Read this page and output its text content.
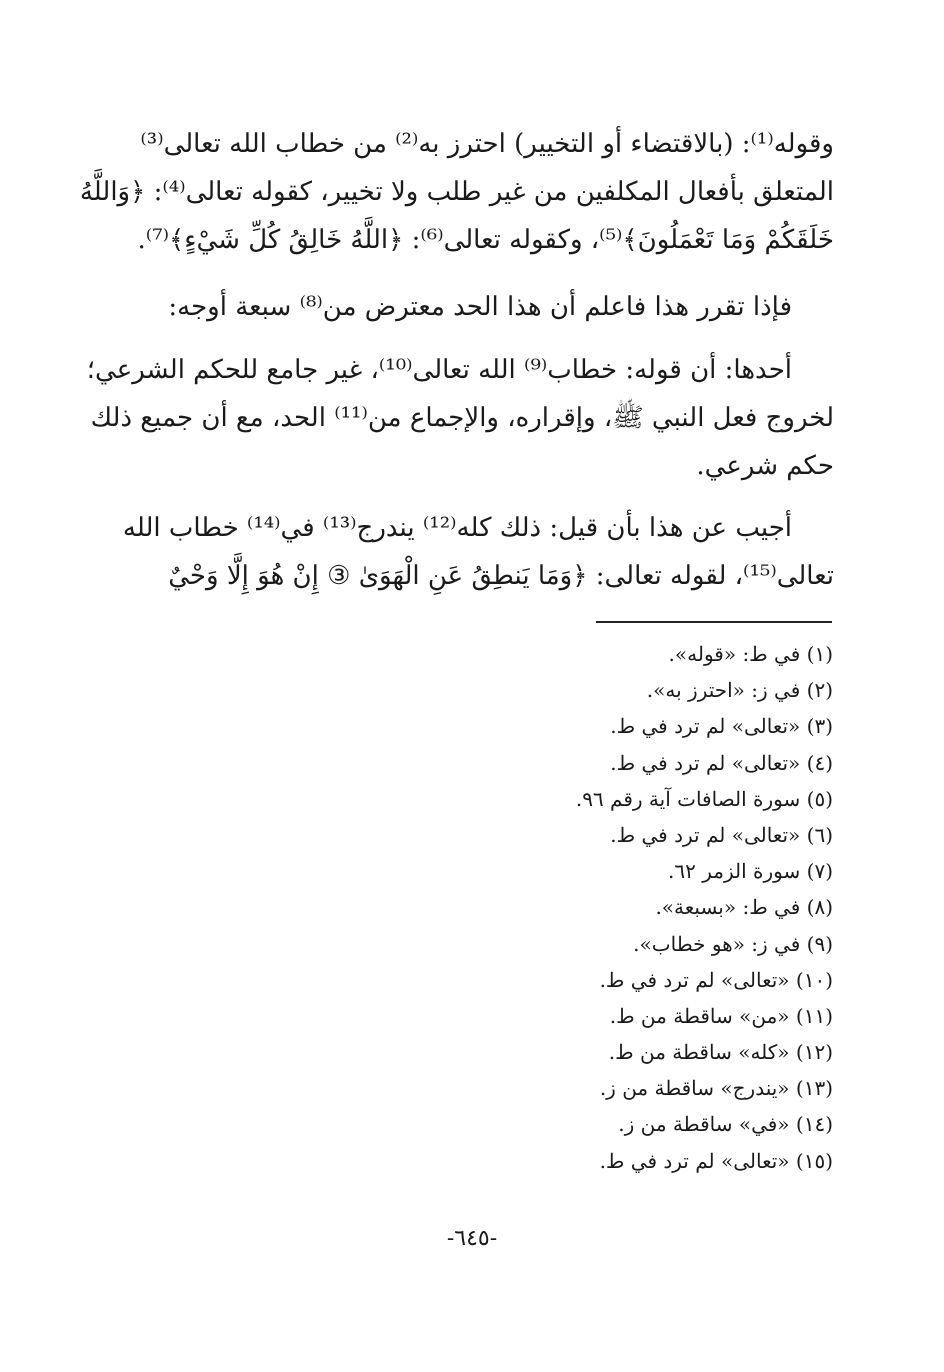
وقوله⁽¹⁾: (بالاقتضاء أو التخيير) احترز به⁽²⁾ من خطاب الله تعالى⁽³⁾
المتعلق بأفعال المكلفين من غير طلب ولا تخيير، كقوله تعالى⁽⁴⁾: ﴿وَاللَّهُ
خَلَقَكُمْ وَمَا تَعْمَلُونَ﴾⁽⁵⁾، وكقوله تعالى⁽⁶⁾: ﴿اللَّهُ خَالِقُ كُلِّ شَيْءٍ﴾⁽⁷⁾.
فإذا تقرر هذا فاعلم أن هذا الحد معترض من⁽⁸⁾ سبعة أوجه:
أحدها: أن قوله: خطاب⁽⁹⁾ الله تعالى⁽¹⁰⁾، غير جامع للحكم الشرعي؛
لخروج فعل النبي ﷺ، وإقراره، والإجماع من⁽¹¹⁾ الحد، مع أن جميع ذلك
حكم شرعي.
أجيب عن هذا بأن قيل: ذلك كله⁽¹²⁾ يندرج⁽¹³⁾ في⁽¹⁴⁾ خطاب الله
تعالى⁽¹⁵⁾، لقوله تعالى: ﴿وَمَا يَنطِقُ عَنِ الْهَوَىٰ ③ إِنْ هُوَ إِلَّا وَحْيٌ
(١) في ط: «قوله».
(٢) في ز: «احترز به».
(٣) «تعالى» لم ترد في ط.
(٤) «تعالى» لم ترد في ط.
(٥) سورة الصافات آية رقم ٩٦.
(٦) «تعالى» لم ترد في ط.
(٧) سورة الزمر ٦٢.
(٨) في ط: «بسبعة».
(٩) في ز: «هو خطاب».
(١٠) «تعالى» لم ترد في ط.
(١١) «من» ساقطة من ط.
(١٢) «كله» ساقطة من ط.
(١٣) «يندرج» ساقطة من ز.
(١٤) «في» ساقطة من ز.
(١٥) «تعالى» لم ترد في ط.
-٦٤٥-
